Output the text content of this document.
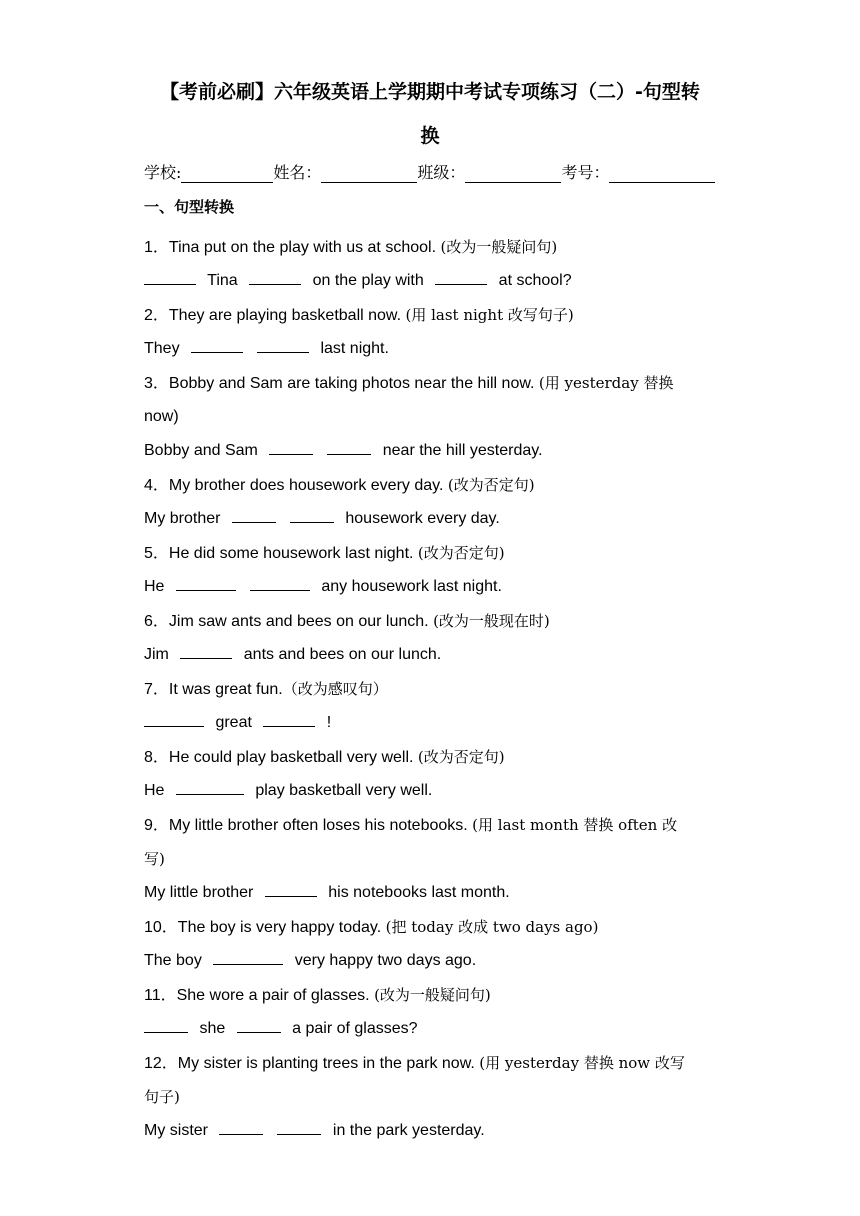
【考前必刷】六年级英语上学期期中考试专项练习（二）-句型转
换
学校:	姓名：	班级：	考号：
一、句型转换
1．Tina put on the play with us at school. (改为一般疑问句)
Tina	on the play with	at school?
2．They are playing basketball now. (用 last night 改写句子)
They	last night.
3．Bobby and Sam are taking photos near the hill now. (用 yesterday 替换
now)
Bobby and Sam	near the hill yesterday.
4．My brother does housework every day. (改为否定句)
My brother	housework every day.
5．He did some housework last night. (改为否定句)
He	any housework last night.
6．Jim saw ants and bees on our lunch. (改为一般现在时)
Jim	ants and bees on our lunch.
7．It was great fun.（改为感叹句）
great	!
8．He could play basketball very well. (改为否定句)
He	play basketball very well.
9．My little brother often loses his notebooks. (用 last month 替换 often 改
写)
My little brother	his notebooks last month.
10．The boy is very happy today. (把 today 改成 two days ago)
The boy	very happy two days ago.
11．She wore a pair of glasses. (改为一般疑问句)
she	a pair of glasses?
12．My sister is planting trees in the park now. (用 yesterday 替换 now 改写
句子)
My sister	in the park yesterday.
